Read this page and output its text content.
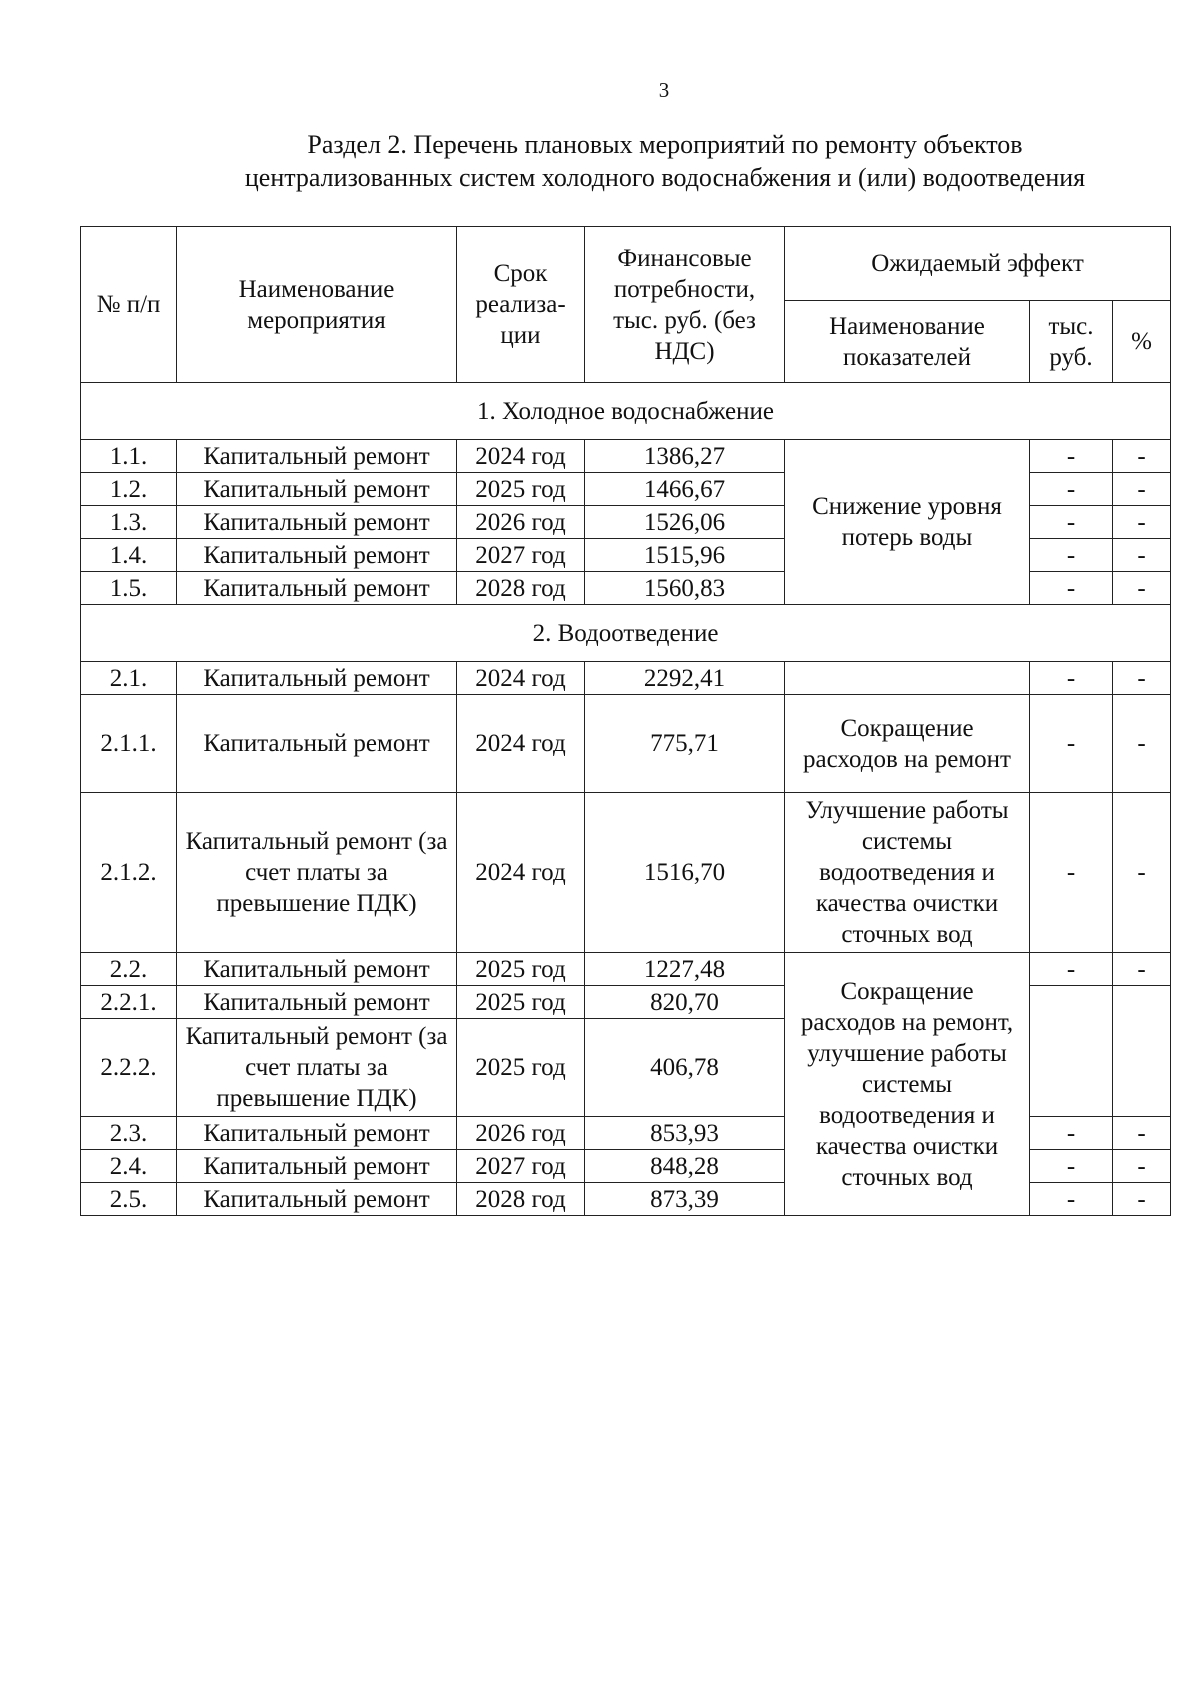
3
Раздел 2. Перечень плановых мероприятий по ремонту объектов
централизованных систем холодного водоснабжения и (или) водоотведения
№ п/п	Наименование мероприятия	Срок реализа-ции	Финансовые потребности, тыс. руб. (без НДС)	Ожидаемый эффект		
				Наименование показателей	тыс. руб.	%
1. Холодное водоснабжение						
1.1.	Капитальный ремонт	2024 год	1386,27	Снижение уровня потерь воды	-	-
1.2.	Капитальный ремонт	2025 год	1466,67		-	-
1.3.	Капитальный ремонт	2026 год	1526,06		-	-
1.4.	Капитальный ремонт	2027 год	1515,96		-	-
1.5.	Капитальный ремонт	2028 год	1560,83		-	-
2. Водоотведение						
2.1.	Капитальный ремонт	2024 год	2292,41		-	-
2.1.1.	Капитальный ремонт	2024 год	775,71	Сокращение расходов на ремонт	-	-
2.1.2.	Капитальный ремонт (за счет платы за превышение ПДК)	2024 год	1516,70	Улучшение работы системы водоотведения и качества очистки сточных вод	-	-
2.2.	Капитальный ремонт	2025 год	1227,48	Сокращение расходов на ремонт, улучшение работы системы водоотведения и качества очистки сточных вод	-	-
2.2.1.	Капитальный ремонт	2025 год	820,70			
2.2.2.	Капитальный ремонт (за счет платы за превышение ПДК)	2025 год	406,78			
2.3.	Капитальный ремонт	2026 год	853,93		-	-
2.4.	Капитальный ремонт	2027 год	848,28		-	-
2.5.	Капитальный ремонт	2028 год	873,39		-	-
